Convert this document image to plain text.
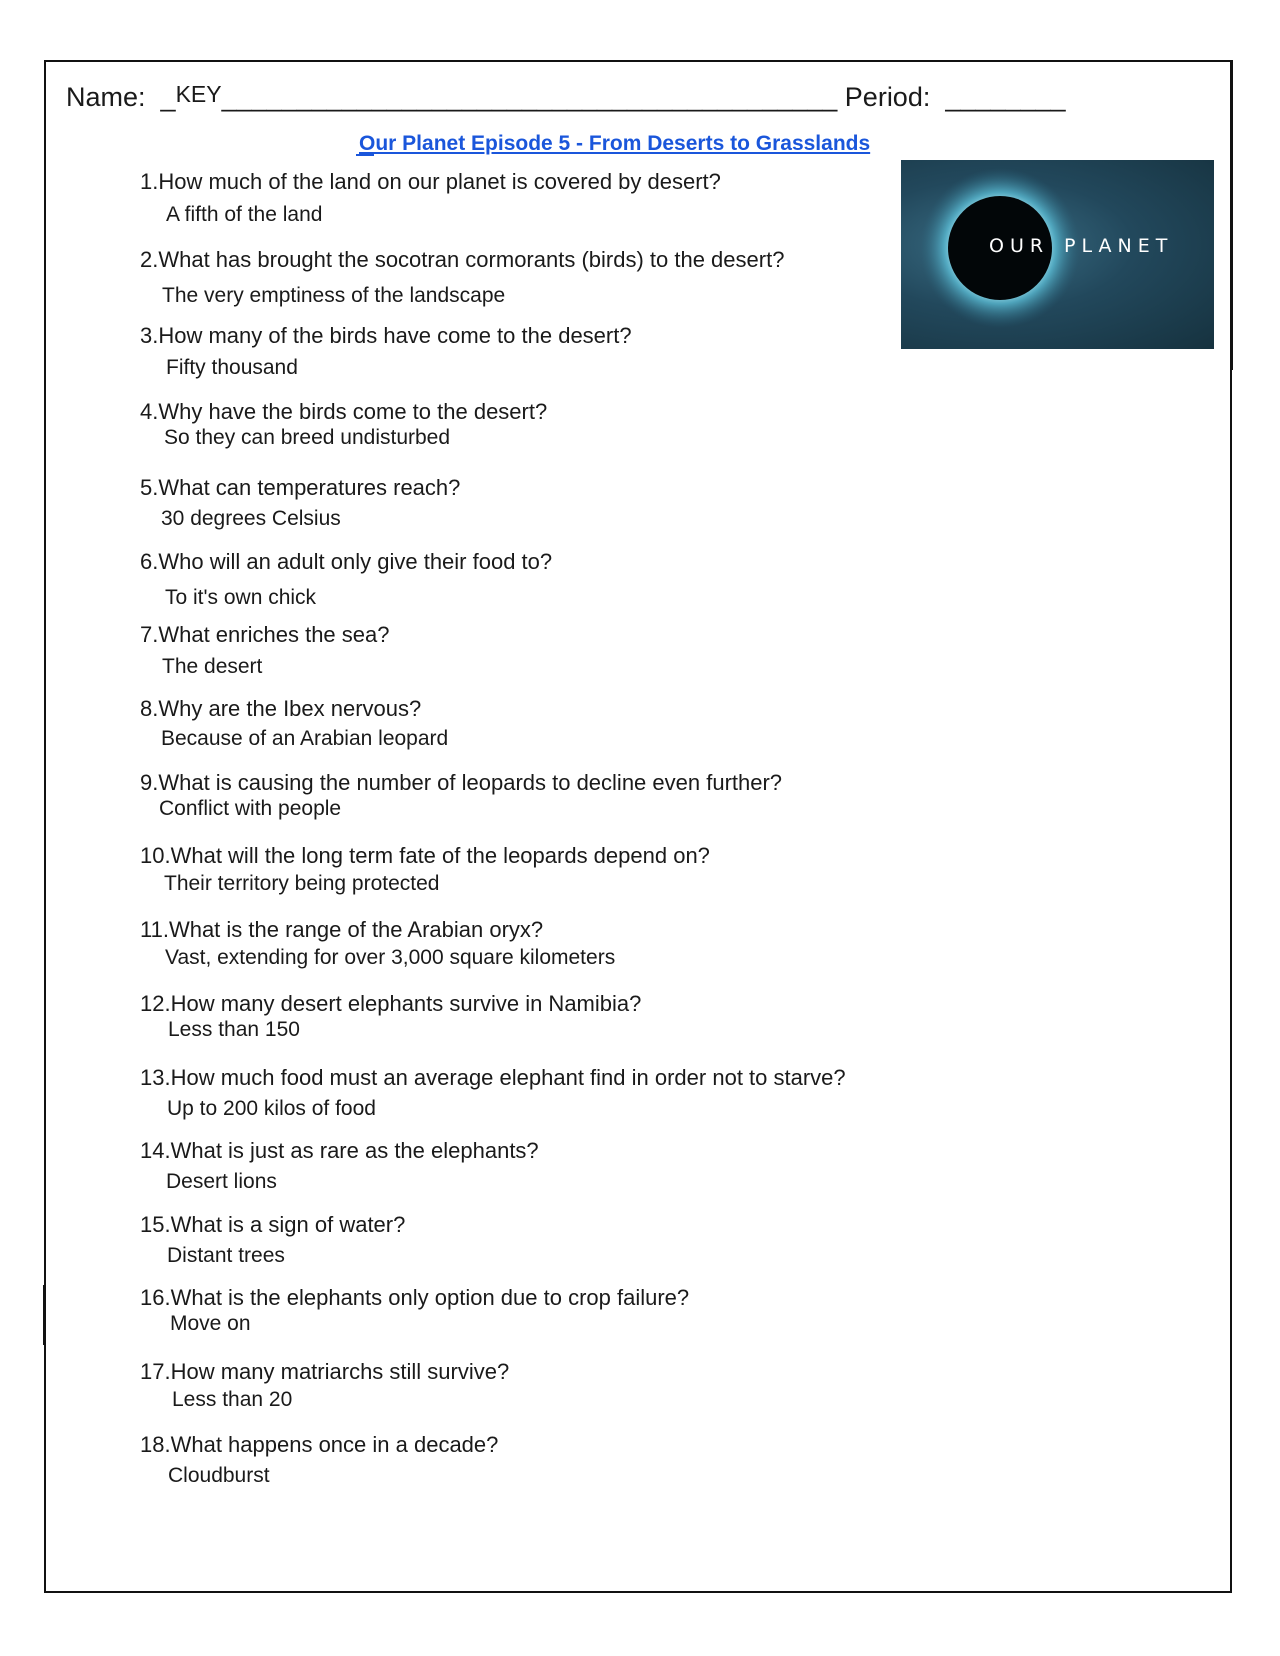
Name:  _KEY_________________________________________ Period:  ________
Our Planet Episode 5 - From Deserts to Grasslands
OUR PLANET
1.How much of the land on our planet is covered by desert?
A fifth of the land
2.What has brought the socotran cormorants (birds) to the desert?
The very emptiness of the landscape
3.How many of the birds have come to the desert?
Fifty thousand
4.Why have the birds come to the desert?
So they can breed undisturbed
5.What can temperatures reach?
30 degrees Celsius
6.Who will an adult only give their food to?
To it's own chick
7.What enriches the sea?
The desert
8.Why are the Ibex nervous?
Because of an Arabian leopard
9.What is causing the number of leopards to decline even further?
Conflict with people
10.What will the long term fate of the leopards depend on?
Their territory being protected
11.What is the range of the Arabian oryx?
Vast, extending for over 3,000 square kilometers
12.How many desert elephants survive in Namibia?
Less than 150
13.How much food must an average elephant find in order not to starve?
Up to 200 kilos of food
14.What is just as rare as the elephants?
Desert lions
15.What is a sign of water?
Distant trees
16.What is the elephants only option due to crop failure?
Move on
17.How many matriarchs still survive?
Less than 20
18.What happens once in a decade?
Cloudburst
